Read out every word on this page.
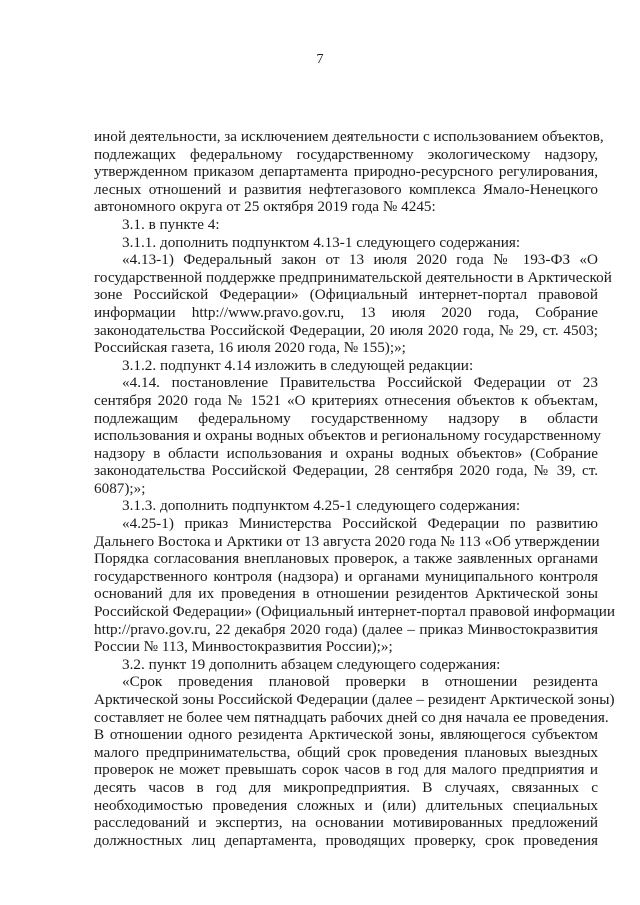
7
иной деятельности, за исключением деятельности с использованием объектов,
подлежащих федеральному государственному экологическому надзору,
утвержденном приказом департамента природно-ресурсного регулирования,
лесных отношений и развития нефтегазового комплекса Ямало-Ненецкого
автономного округа от 25 октября 2019 года № 4245:
3.1. в пункте 4:
3.1.1. дополнить подпунктом 4.13-1 следующего содержания:
«4.13-1) Федеральный закон от 13 июля 2020 года № 193-ФЗ «О
государственной поддержке предпринимательской деятельности в Арктической
зоне Российской Федерации» (Официальный интернет-портал правовой
информации http://www.pravo.gov.ru, 13 июля 2020 года, Собрание
законодательства Российской Федерации, 20 июля 2020 года, № 29, ст. 4503;
Российская газета, 16 июля 2020 года, № 155);»;
3.1.2. подпункт 4.14 изложить в следующей редакции:
«4.14. постановление Правительства Российской Федерации от 23
сентября 2020 года № 1521 «О критериях отнесения объектов к объектам,
подлежащим федеральному государственному надзору в области
использования и охраны водных объектов и региональному государственному
надзору в области использования и охраны водных объектов» (Собрание
законодательства Российской Федерации, 28 сентября 2020 года, № 39, ст.
6087);»;
3.1.3. дополнить подпунктом 4.25-1 следующего содержания:
«4.25-1) приказ Министерства Российской Федерации по развитию
Дальнего Востока и Арктики от 13 августа 2020 года № 113 «Об утверждении
Порядка согласования внеплановых проверок, а также заявленных органами
государственного контроля (надзора) и органами муниципального контроля
оснований для их проведения в отношении резидентов Арктической зоны
Российской Федерации» (Официальный интернет-портал правовой информации
http://pravo.gov.ru, 22 декабря 2020 года) (далее – приказ Минвостокразвития
России № 113, Минвостокразвития России);»;
3.2. пункт 19 дополнить абзацем следующего содержания:
«Срок проведения плановой проверки в отношении резидента
Арктической зоны Российской Федерации (далее – резидент Арктической зоны)
составляет не более чем пятнадцать рабочих дней со дня начала ее проведения.
В отношении одного резидента Арктической зоны, являющегося субъектом
малого предпринимательства, общий срок проведения плановых выездных
проверок не может превышать сорок часов в год для малого предприятия и
десять часов в год для микропредприятия. В случаях, связанных с
необходимостью проведения сложных и (или) длительных специальных
расследований и экспертиз, на основании мотивированных предложений
должностных лиц департамента, проводящих проверку, срок проведения
